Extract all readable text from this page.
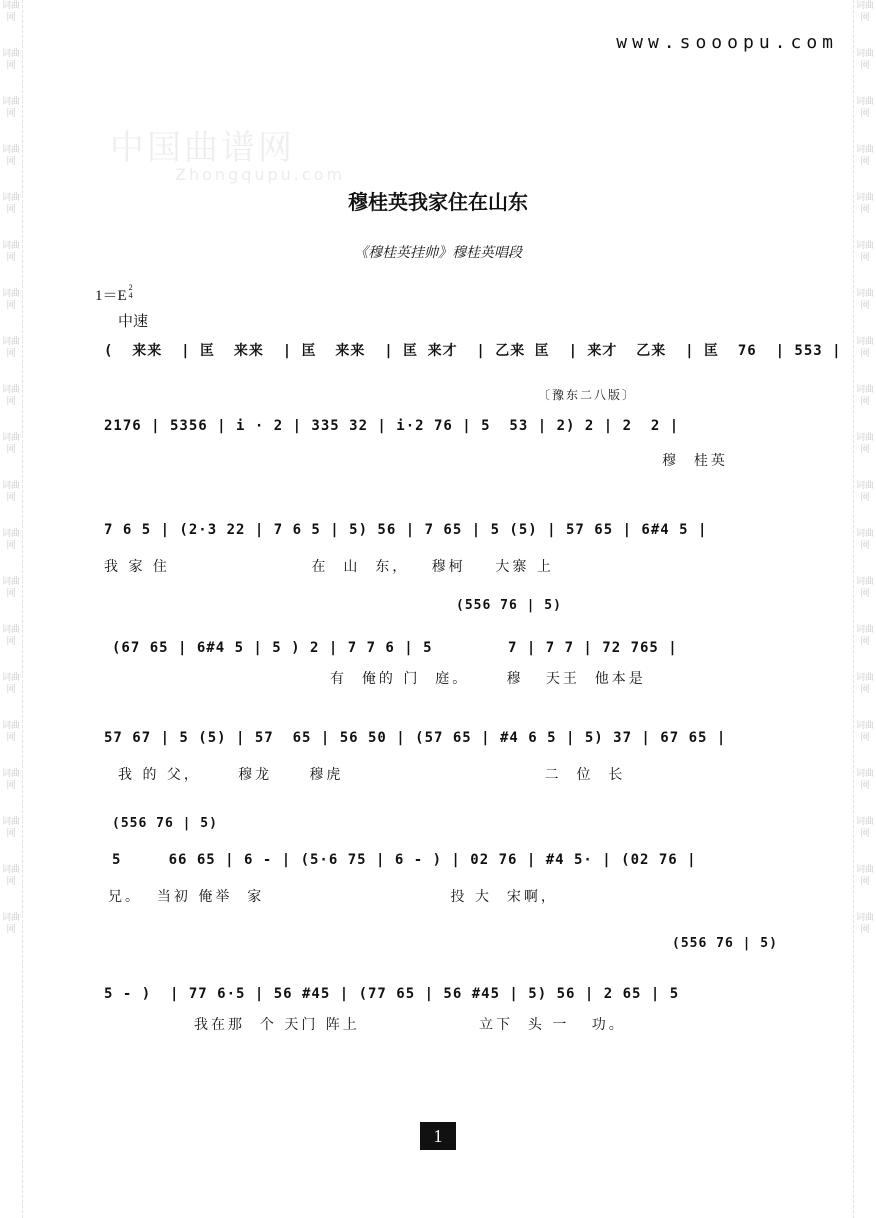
词曲网
词曲网
词曲网
词曲网
词曲网
词曲网
词曲网
词曲网
词曲网
词曲网
词曲网
词曲网
词曲网
词曲网
词曲网
词曲网
词曲网
词曲网
词曲网
词曲网
词曲网
词曲网
词曲网
词曲网
词曲网
词曲网
词曲网
词曲网
词曲网
词曲网
词曲网
词曲网
词曲网
词曲网
词曲网
词曲网
词曲网
词曲网
词曲网
词曲网
www.sooopu.com
中国曲谱网
Zhongqupu.com
穆桂英我家住在山东
《穆桂英挂帅》穆桂英唱段
1＝E2
4
中速
〔豫东二八版〕
(  来来  | 匡  来来  | 匡  来来  | 匡 来才  | 乙来 匡  | 来才  乙来  | 匡  76  | 553 |
2176 | 5356 | i · 2 | 335 32 | i·2 76 | 5  53 | 2) 2 | 2  2 |
穆  桂英
7 6 5 | (2·3 22 | 7 6 5 | 5) 56 | 7 65 | 5 (5) | 57 65 | 6#4 5 |
我 家 住                   在  山  东，   穆柯    大寨 上
(556 76 | 5)
(67 65 | 6#4 5 | 5 ) 2 | 7 7 6 | 5        7 | 7 7 | 72 765 |
有  俺的 门  庭。     穆   天王  他本是
57 67 | 5 (5) | 57  65 | 56 50 | (57 65 | #4 6 5 | 5) 37 | 67 65 |
我 的 父，     穆龙     穆虎                           二  位  长
(556 76 | 5)
5     66 65 | 6 - | (5·6 75 | 6 - ) | 02 76 | #4 5· | (02 76 |
兄。  当初 俺举  家                         投 大  宋啊，
(556 76 | 5)
5 - )  | 77 6·5 | 56 #45 | (77 65 | 56 #45 | 5) 56 | 2 65 | 5
我在那  个 天门 阵上                立下  头 一   功。
1
